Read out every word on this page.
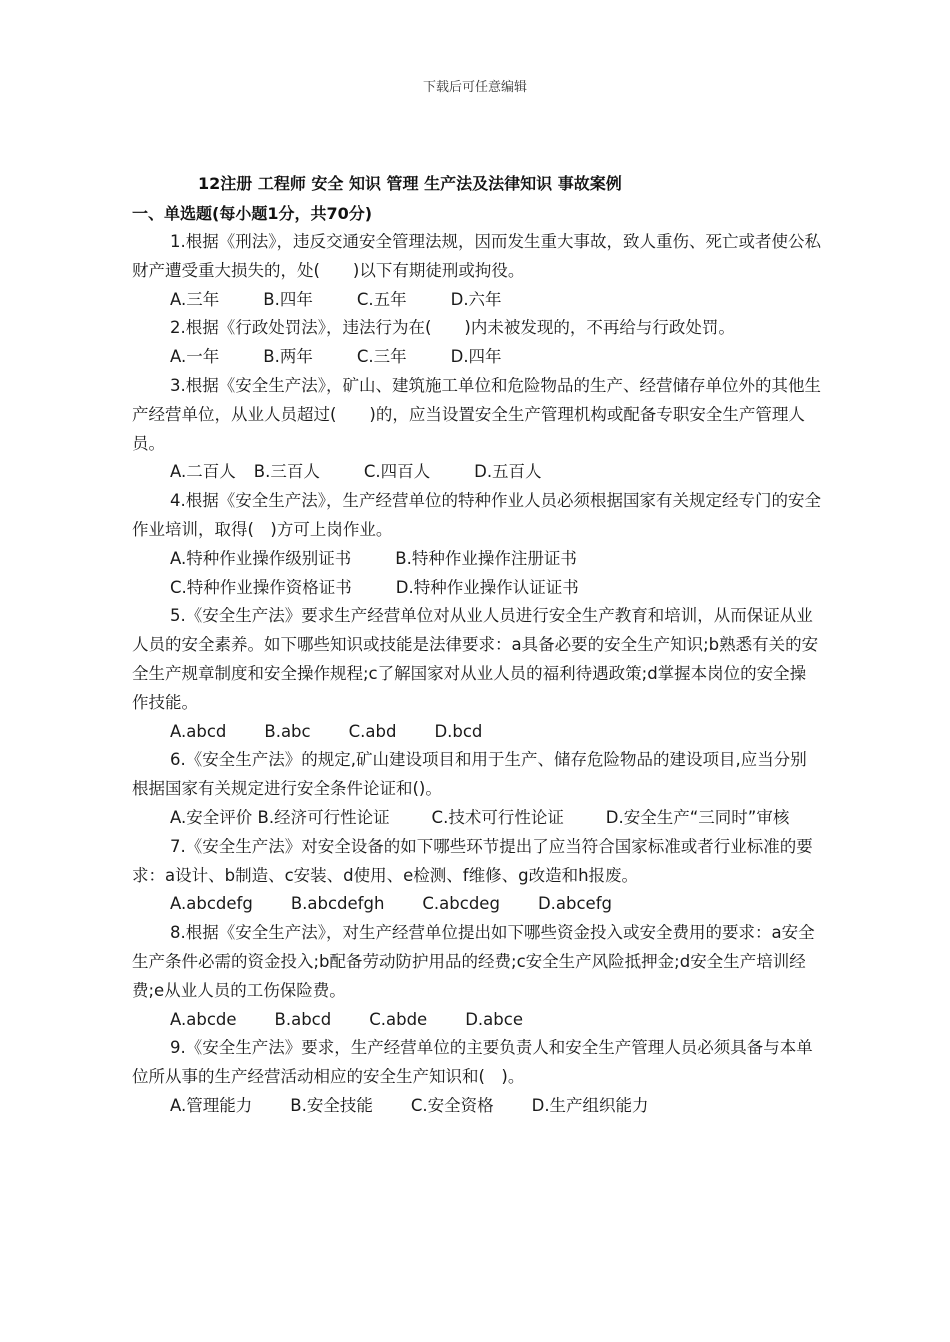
下载后可任意编辑
12注册 工程师 安全 知识 管理 生产法及法律知识 事故案例
一、单选题(每小题1分，共70分)

1.根据《刑法》，违反交通安全管理法规，因而发生重大事故，致人重伤、死亡或者使公私财产遭受重大损失的，处(　　)以下有期徒刑或拘役。

A.三年	B.四年	C.五年	D.六年

2.根据《行政处罚法》，违法行为在(　　)内未被发现的，不再给与行政处罚。

A.一年	B.两年	C.三年	D.四年

3.根据《安全生产法》，矿山、建筑施工单位和危险物品的生产、经营储存单位外的其他生产经营单位，从业人员超过(　　)的，应当设置安全生产管理机构或配备专职安全生产管理人员。

A.二百人 B.三百人	C.四百人	D.五百人

4.根据《安全生产法》，生产经营单位的特种作业人员必须根据国家有关规定经专门的安全作业培训，取得(　)方可上岗作业。

A.特种作业操作级别证书	B.特种作业操作注册证书

C.特种作业操作资格证书	D.特种作业操作认证证书

5.《安全生产法》要求生产经营单位对从业人员进行安全生产教育和培训，从而保证从业人员的安全素养。如下哪些知识或技能是法律要求：a具备必要的安全生产知识;b熟悉有关的安全生产规章制度和安全操作规程;c了解国家对从业人员的福利待遇政策;d掌握本岗位的安全操作技能。

A.abcd B.abc C.abd D.bcd

6.《安全生产法》的规定,矿山建设项目和用于生产、储存危险物品的建设项目,应当分别根据国家有关规定进行安全条件论证和()。

A.安全评价 B.经济可行性论证	C.技术可行性论证	D.安全生产“三同时”审核

7.《安全生产法》对安全设备的如下哪些环节提出了应当符合国家标准或者行业标准的要求：a设计、b制造、c安装、d使用、e检测、f维修、g改造和h报废。

A.abcdefg B.abcdefgh C.abcdeg D.abcefg

8.根据《安全生产法》，对生产经营单位提出如下哪些资金投入或安全费用的要求：a安全生产条件必需的资金投入;b配备劳动防护用品的经费;c安全生产风险抵押金;d安全生产培训经费;e从业人员的工伤保险费。

A.abcde B.abcd C.abde D.abce

9.《安全生产法》要求，生产经营单位的主要负责人和安全生产管理人员必须具备与本单位所从事的生产经营活动相应的安全生产知识和(　)。

A.管理能力 B.安全技能 C.安全资格 D.生产组织能力
